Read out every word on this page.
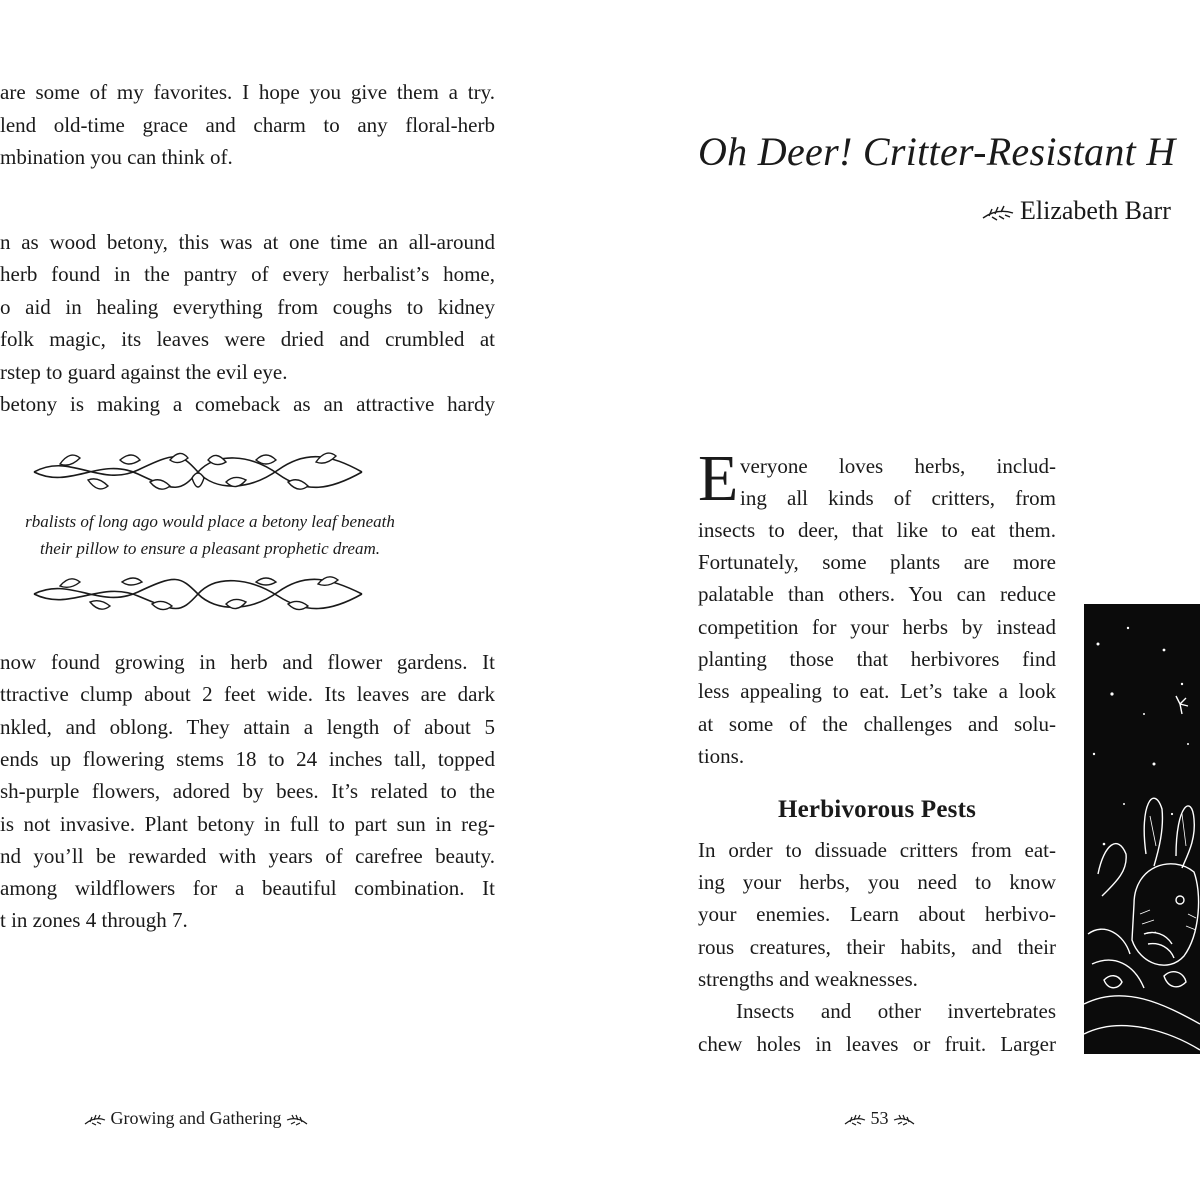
are some of my favorites. I hope you give them a try.
lend old-time grace and charm to any floral-herb
mbination you can think of.
n as wood betony, this was at one time an all-around
herb found in the pantry of every herbalist’s home,
o aid in healing everything from coughs to kidney
folk magic, its leaves were dried and crumbled at
rstep to guard against the evil eye.
betony is making a comeback as an attractive hardy
rbalists of long ago would place a betony leaf beneath
their pillow to ensure a pleasant prophetic dream.
now found growing in herb and flower gardens. It
ttractive clump about 2 feet wide. Its leaves are dark
nkled, and oblong. They attain a length of about 5
ends up flowering stems 18 to 24 inches tall, topped
sh-purple flowers, adored by bees. It’s related to the
is not invasive. Plant betony in full to part sun in reg-
nd you’ll be rewarded with years of carefree beauty.
among wildflowers for a beautiful combination. It
t in zones 4 through 7.
Growing and Gathering
Oh Deer! Critter-Resistant H
Elizabeth Barr
E veryone loves herbs, includ-
ing all kinds of critters, from
insects to deer, that like to eat them.
Fortunately, some plants are more
palatable than others. You can reduce
competition for your herbs by instead
planting those that herbivores find
less appealing to eat. Let’s take a look
at some of the challenges and solu-
tions.
Herbivorous Pests
In order to dissuade critters from eat-
ing your herbs, you need to know
your enemies. Learn about herbivo-
rous creatures, their habits, and their
strengths and weaknesses.
Insects and other invertebrates
chew holes in leaves or fruit. Larger
53
